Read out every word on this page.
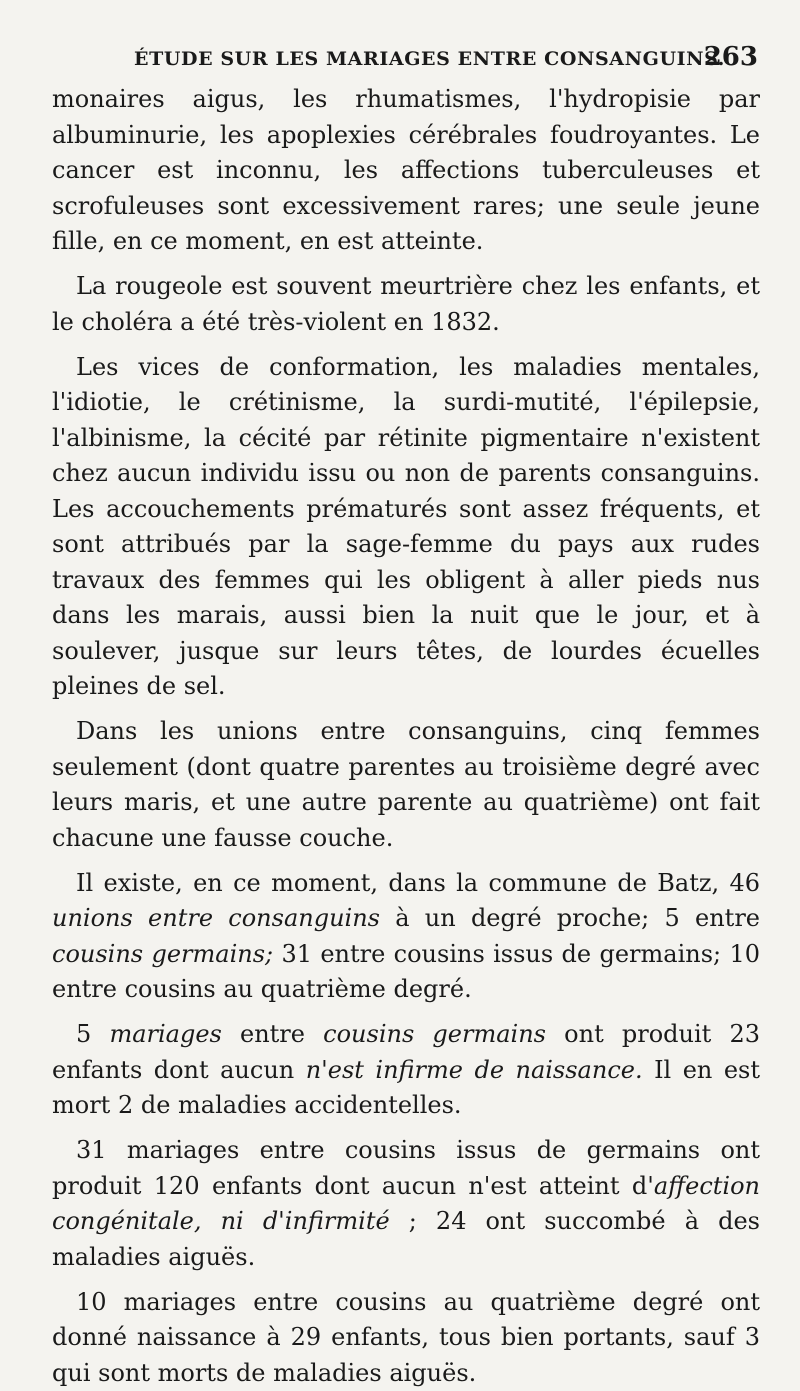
ÉTUDE SUR LES MARIAGES ENTRE CONSANGUINS.
263

monaires aigus, les rhumatismes, l'hydropisie par albuminurie, les apoplexies cérébrales foudroyantes. Le cancer est inconnu, les affections tuberculeuses et scrofuleuses sont excessivement rares; une seule jeune fille, en ce moment, en est atteinte.

La rougeole est souvent meurtrière chez les enfants, et le choléra a été très-violent en 1832.

Les vices de conformation, les maladies mentales, l'idiotie, le crétinisme, la surdi-mutité, l'épilepsie, l'albinisme, la cécité par rétinite pigmentaire n'existent chez aucun individu issu ou non de parents consanguins. Les accouchements prématurés sont assez fréquents, et sont attribués par la sage-femme du pays aux rudes travaux des femmes qui les obligent à aller pieds nus dans les marais, aussi bien la nuit que le jour, et à soulever, jusque sur leurs têtes, de lourdes écuelles pleines de sel.

Dans les unions entre consanguins, cinq femmes seulement (dont quatre parentes au troisième degré avec leurs maris, et une autre parente au quatrième) ont fait chacune une fausse couche.

Il existe, en ce moment, dans la commune de Batz, 46 unions entre consanguins à un degré proche; 5 entre cousins germains; 31 entre cousins issus de germains; 10 entre cousins au quatrième degré.

5 mariages entre cousins germains ont produit 23 enfants dont aucun n'est infirme de naissance. Il en est mort 2 de maladies accidentelles.

31 mariages entre cousins issus de germains ont produit 120 enfants dont aucun n'est atteint d'affection congénitale, ni d'infirmité ; 24 ont succombé à des maladies aiguës.

10 mariages entre cousins au quatrième degré ont donné naissance à 29 enfants, tous bien portants, sauf 3 qui sont morts de maladies aiguës.
